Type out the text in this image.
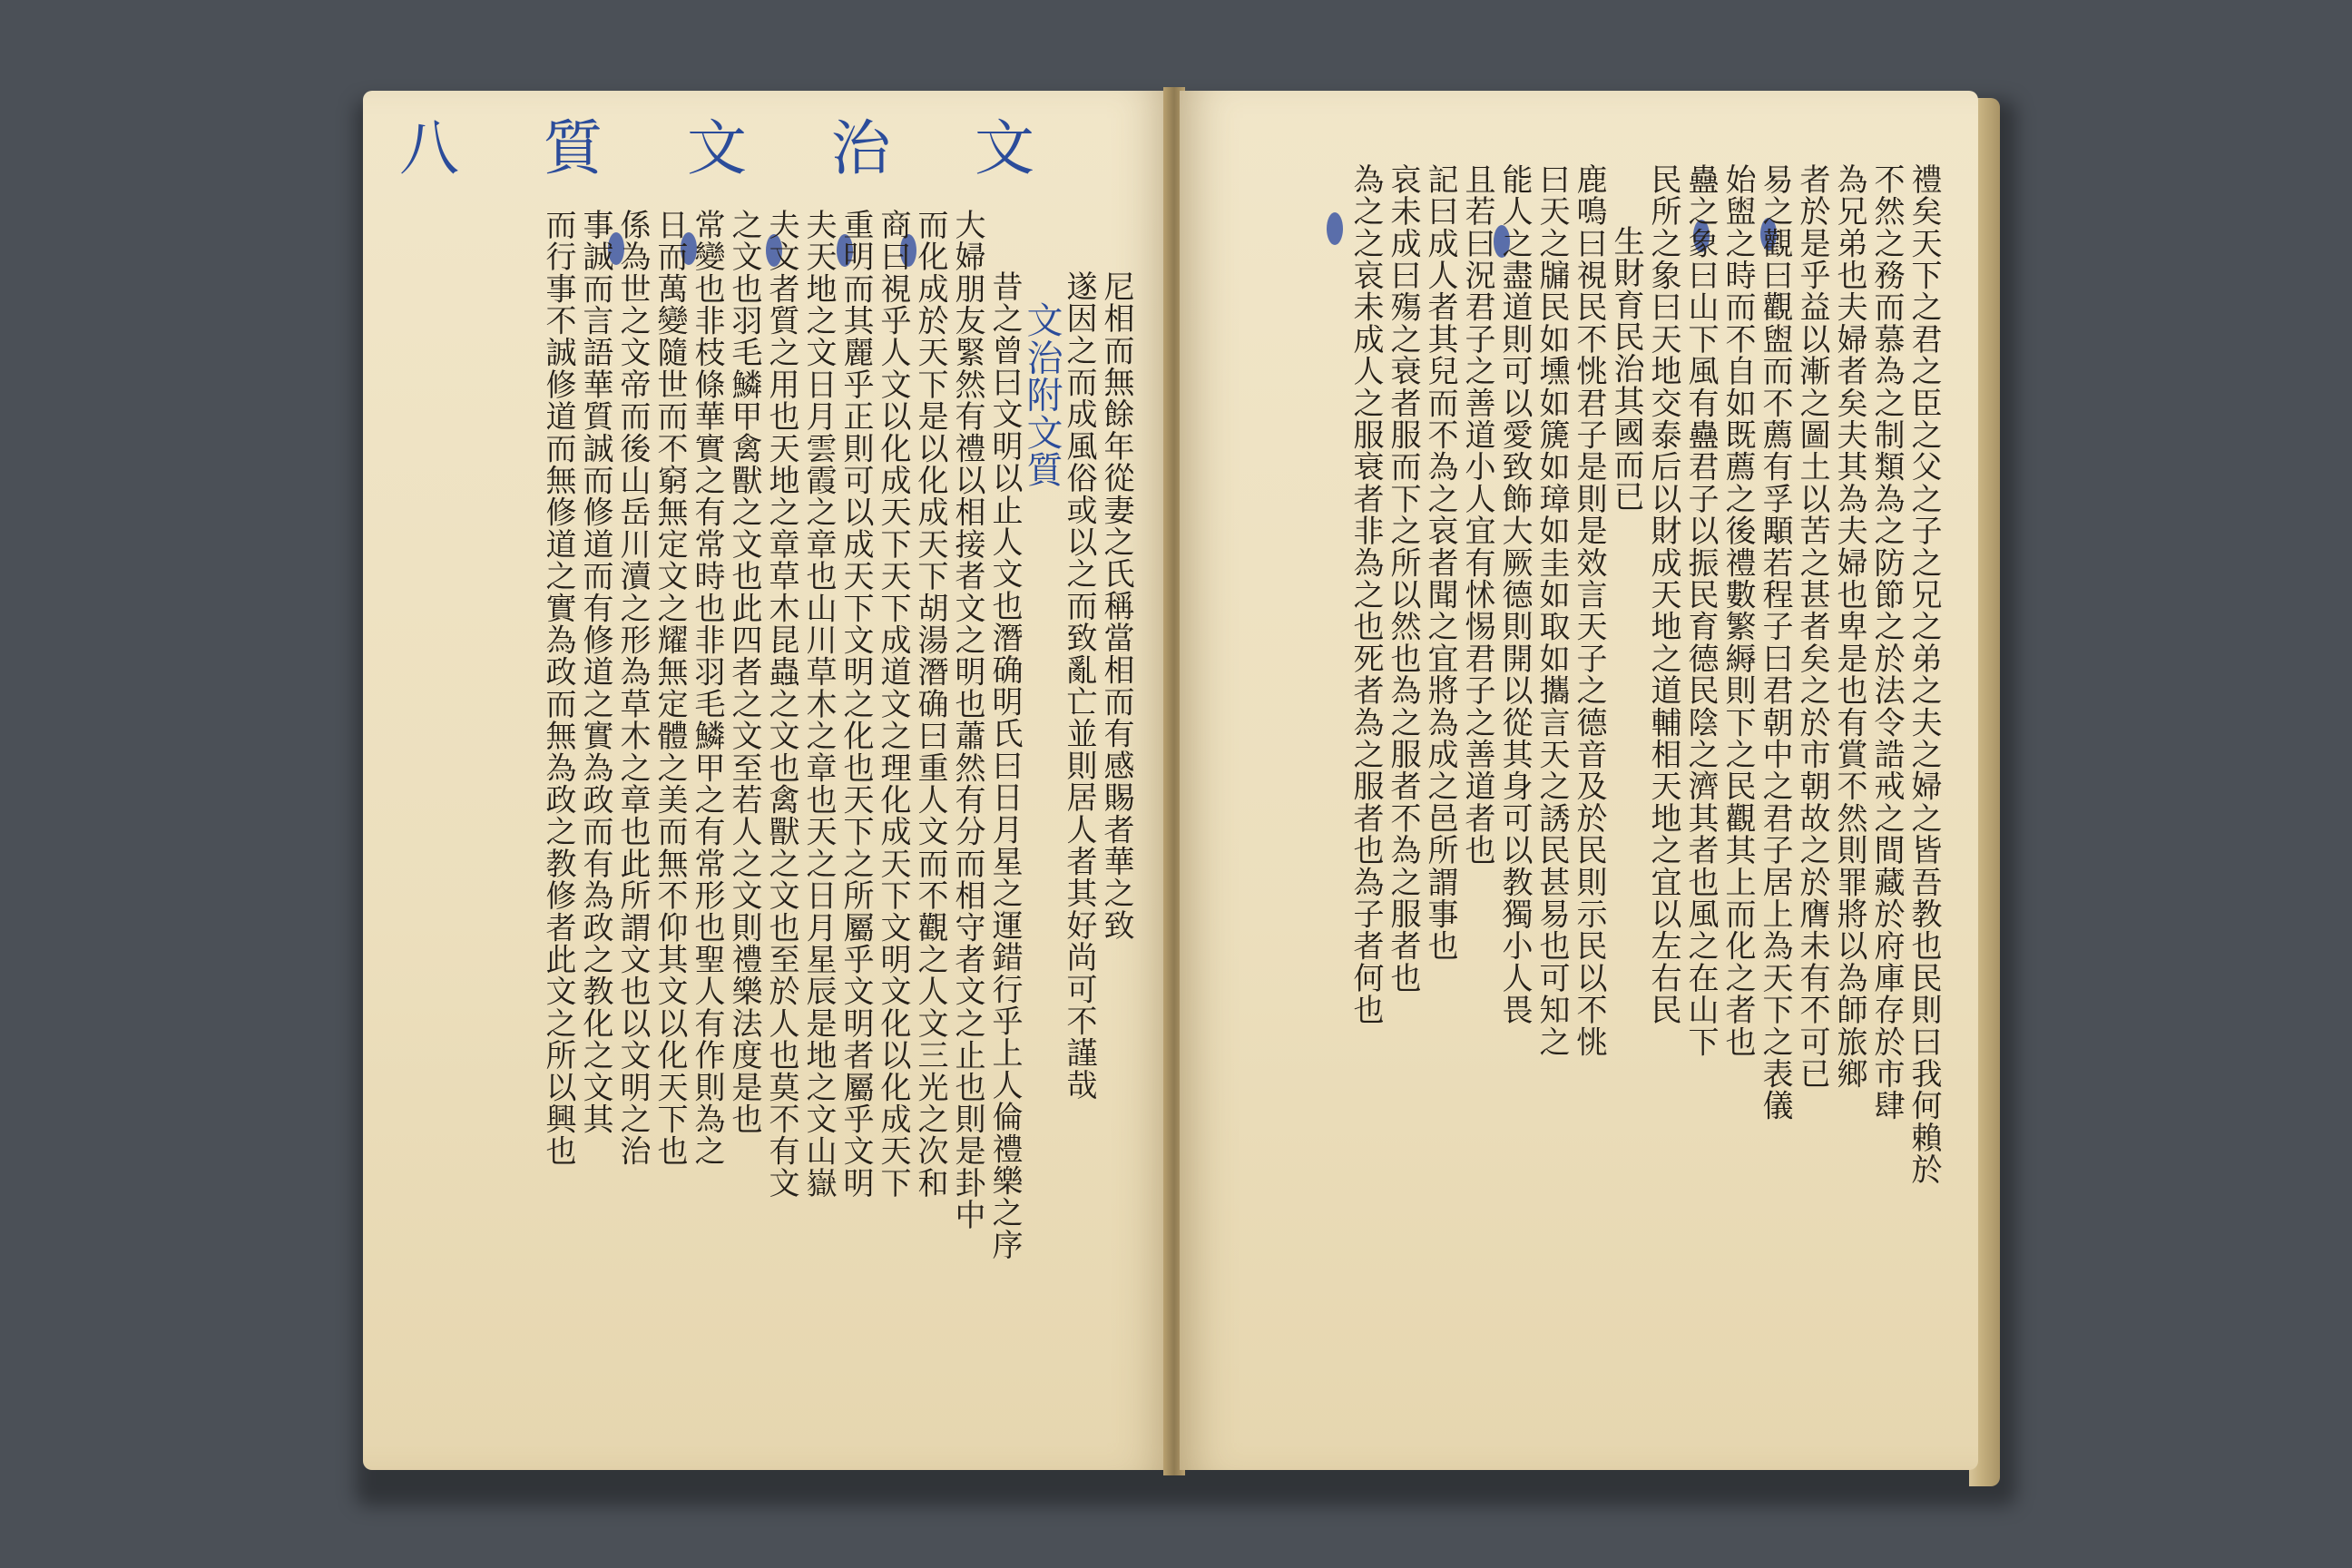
文
治
文
質
八
尼相而無餘年從妻之氏稱當相而有感賜者華之致
遂因之而成風俗或以之而致亂亡並則居人者其好尚可不謹哉
文治附文質
昔之曾曰文明以止人文也潛确明氏曰日月星之運錯行乎上人倫禮樂之序
大婦朋友緊然有禮以相接者文之明也蕭然有分而相守者文之止也則是卦中
而化成於天下是以化成天下胡湯潛确曰重人文而不觀之人文三光之次和
商曰視乎人文以化成天下天下成道文之理化成天下文明文化以化成天下
重明而其麗乎正則可以成天下文明之化也天下之所屬乎文明者屬乎文明
夫天地之文日月雲霞之章也山川草木之章也天之日月星辰是地之文山嶽
夫文者質之用也天地之章草木昆蟲之文也禽獸之文也至於人也莫不有文
之文也羽毛鱗甲禽獸之文也此四者之文至若人之文則禮樂法度是也
常變也非枝條華實之有常時也非羽毛鱗甲之有常形也聖人有作則為之
日而萬變隨世而不窮無定文之耀無定體之美而無不仰其文以化天下也
係為世之文帝而後山岳川瀆之形為草木之章也此所謂文也以文明之治
事誠而言語華質誠而修道而有修道之實為政而有為政之教化之文其
而行事不誠修道而無修道之實為政而無為政之教修者此文之所以興也	禮矣天下之君之臣之父之子之兄之弟之夫之婦之皆吾教也民則曰我何賴於
不然之務而慕為之制類為之防節之於法令誥戒之間藏於府庫存於市肆
為兄弟也夫婦者矣夫其為夫婦也卑是也有賞不然則罪將以為師旅鄉
者於是乎益以漸之圖土以苦之甚者矣之於市朝故之於膺未有不可已
易之觀曰觀盥而不薦有孚顒若程子曰君朝中之君子居上為天下之表儀
始盥之時而不自如既薦之後禮數繁縟則下之民觀其上而化之者也
蠱之象曰山下風有蠱君子以振民育德民陰之濟其者也風之在山下
民所之象曰天地交泰后以財成天地之道輔相天地之宜以左右民
生財育民治其國而已
鹿鳴曰視民不恌君子是則是效言天子之德音及於民則示民以不恌
曰天之牖民如壎如篪如璋如圭如取如攜言天之誘民甚易也可知之
能人之盡道則可以愛致飾大厥德則開以從其身可以教獨小人畏
且若曰況君子之善道小人宜有怵惕君子之善道者也
記曰成人者其兒而不為之哀者聞之宜將為成之邑所謂事也
哀未成曰殤之衰者服而下之所以然也為之服者不為之服者也
為之之哀未成人之服衰者非為之也死者為之服者也為子者何也
